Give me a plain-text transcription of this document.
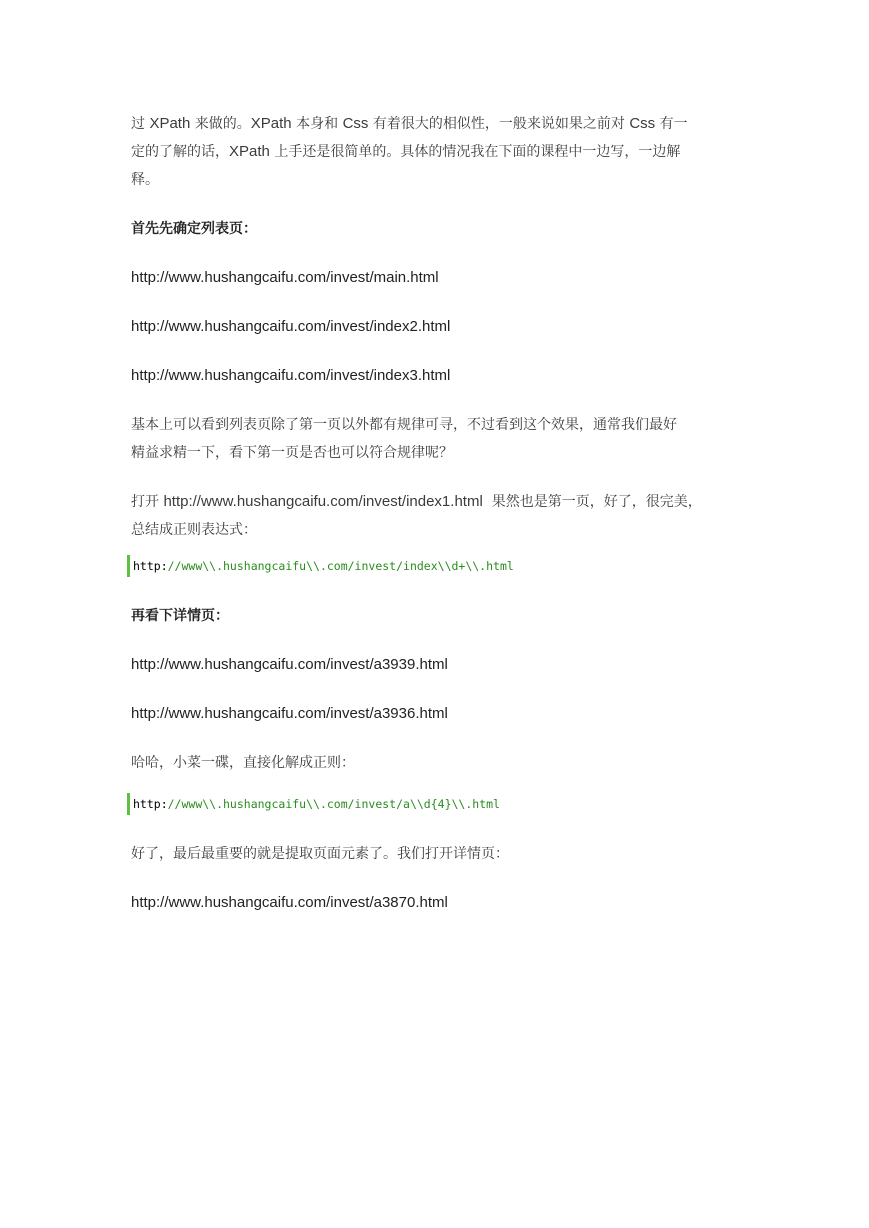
过 XPath 来做的。XPath 本身和 Css 有着很大的相似性，一般来说如果之前对 Css 有一
定的了解的话，XPath 上手还是很简单的。具体的情况我在下面的课程中一边写，一边解
释。

首先先确定列表页：

http://www.hushangcaifu.com/invest/main.html

http://www.hushangcaifu.com/invest/index2.html

http://www.hushangcaifu.com/invest/index3.html

基本上可以看到列表页除了第一页以外都有规律可寻，不过看到这个效果，通常我们最好
精益求精一下，看下第一页是否也可以符合规律呢？

打开 http://www.hushangcaifu.com/invest/index1.html  果然也是第一页，好了，很完美，
总结成正则表达式：

http://www\\.hushangcaifu\\.com/invest/index\\d+\\.html

再看下详情页：

http://www.hushangcaifu.com/invest/a3939.html

http://www.hushangcaifu.com/invest/a3936.html

哈哈，小菜一碟，直接化解成正则：

http://www\\.hushangcaifu\\.com/invest/a\\d{4}\\.html

好了，最后最重要的就是提取页面元素了。我们打开详情页：

http://www.hushangcaifu.com/invest/a3870.html
